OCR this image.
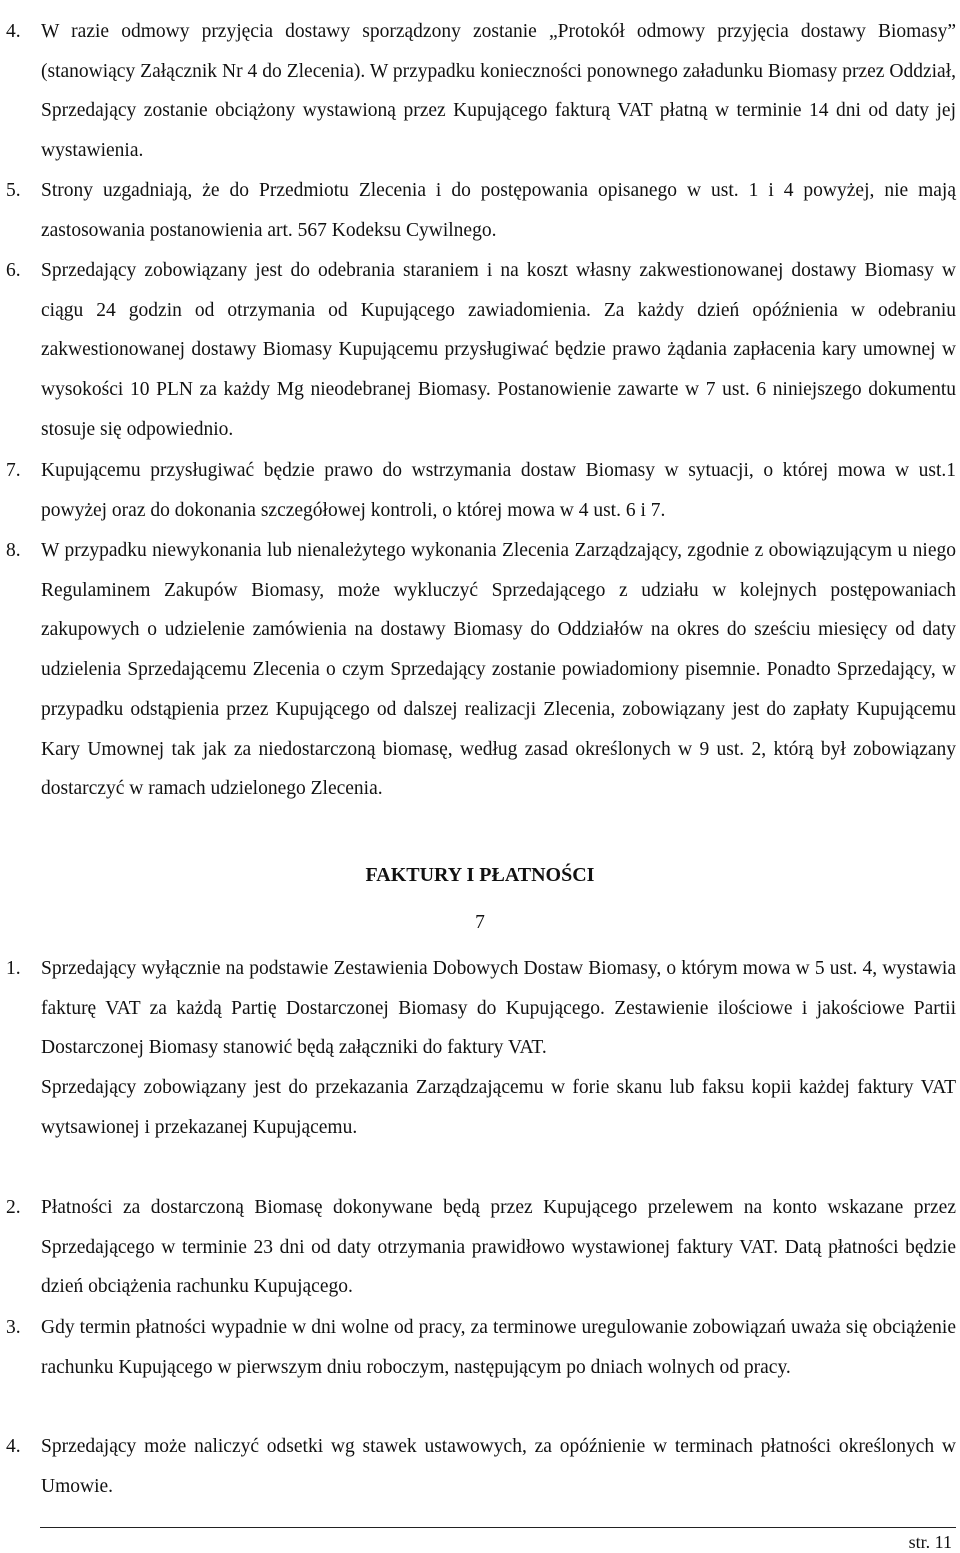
4. W razie odmowy przyjęcia dostawy sporządzony zostanie „Protokół odmowy przyjęcia dostawy Biomasy” (stanowiący Załącznik Nr 4 do Zlecenia). W przypadku konieczności ponownego załadunku Biomasy przez Oddział, Sprzedający zostanie obciążony wystawioną przez Kupującego fakturą VAT płatną w terminie 14 dni od daty jej wystawienia.
5. Strony uzgadniają, że do Przedmiotu Zlecenia i do postępowania opisanego w ust. 1 i 4 powyżej, nie mają zastosowania postanowienia art. 567 Kodeksu Cywilnego.
6. Sprzedający zobowiązany jest do odebrania staraniem i na koszt własny zakwestionowanej dostawy Biomasy w ciągu 24 godzin od otrzymania od Kupującego zawiadomienia. Za każdy dzień opóźnienia w odebraniu zakwestionowanej dostawy Biomasy Kupującemu przysługiwać będzie prawo żądania zapłacenia kary umownej w wysokości 10 PLN za każdy Mg nieodebranej Biomasy. Postanowienie zawarte w 7 ust. 6 niniejszego dokumentu stosuje się odpowiednio.
7. Kupującemu przysługiwać będzie prawo do wstrzymania dostaw Biomasy w sytuacji, o której mowa w ust.1 powyżej oraz do dokonania szczegółowej kontroli, o której mowa w 4 ust. 6 i 7.
8. W przypadku niewykonania lub nienależytego wykonania Zlecenia Zarządzający, zgodnie z obowiązującym u niego Regulaminem Zakupów Biomasy, może wykluczyć Sprzedającego z udziału w kolejnych postępowaniach zakupowych o udzielenie zamówienia na dostawy Biomasy do Oddziałów na okres do sześciu miesięcy od daty udzielenia Sprzedającemu Zlecenia o czym Sprzedający zostanie powiadomiony pisemnie. Ponadto Sprzedający, w przypadku odstąpienia przez Kupującego od dalszej realizacji Zlecenia, zobowiązany jest do zapłaty Kupującemu Kary Umownej tak jak za niedostarczoną biomasę, według zasad określonych w 9 ust. 2, którą był zobowiązany dostarczyć w ramach udzielonego Zlecenia.
FAKTURY I PŁATNOŚCI
7
1. Sprzedający wyłącznie na podstawie Zestawienia Dobowych Dostaw Biomasy, o którym mowa w 5 ust. 4, wystawia fakturę VAT za każdą Partię Dostarczonej Biomasy do Kupującego. Zestawienie ilościowe i jakościowe Partii Dostarczonej Biomasy stanowić będą załączniki do faktury VAT.
Sprzedający zobowiązany jest do przekazania Zarządzającemu w forie skanu lub faksu kopii każdej faktury VAT wytsawionej i przekazanej Kupującemu.
2. Płatności za dostarczoną Biomasę dokonywane będą przez Kupującego przelewem na konto wskazane przez Sprzedającego w terminie 23 dni od daty otrzymania prawidłowo wystawionej faktury VAT. Datą płatności będzie dzień obciążenia rachunku Kupującego.
3. Gdy termin płatności wypadnie w dni wolne od pracy, za terminowe uregulowanie zobowiązań uważa się obciążenie rachunku Kupującego w pierwszym dniu roboczym, następującym po dniach wolnych od pracy.
4. Sprzedający może naliczyć odsetki wg stawek ustawowych, za opóźnienie w terminach płatności określonych w Umowie.
str. 11
